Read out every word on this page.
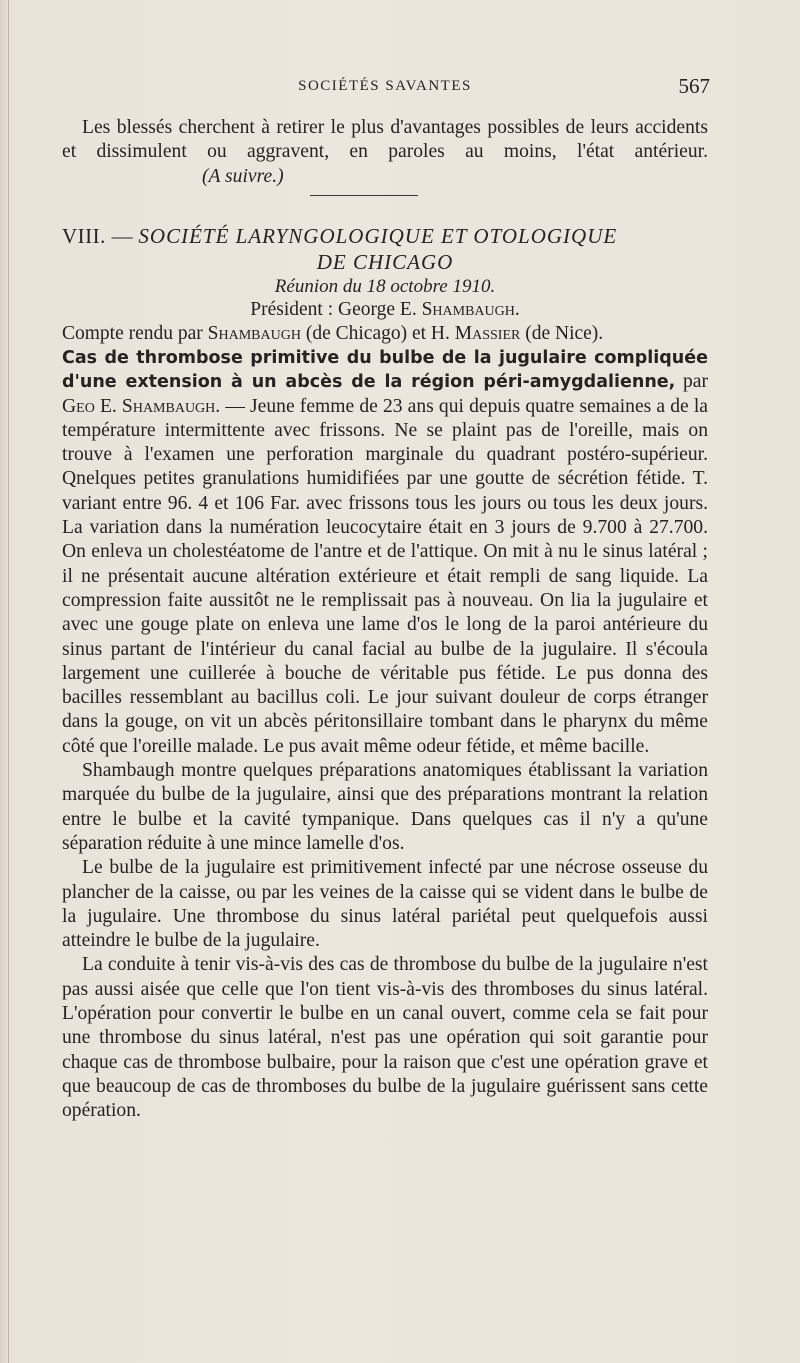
SOCIÉTÉS SAVANTES	567

Les blessés cherchent à retirer le plus d'avantages possibles de leurs accidents et dissimulent ou aggravent, en paroles au moins, l'état antérieur.(A suivre.)

VIII. — SOCIÉTÉ LARYNGOLOGIQUE ET OTOLOGIQUE
DE CHICAGO
Réunion du 18 octobre 1910.
Président : George E. Shambaugh.
Compte rendu par Shambaugh (de Chicago) et H. Massier (de Nice).

Cas de thrombose primitive du bulbe de la jugulaire compliquée d'une extension à un abcès de la région péri-amygdalienne, par Geo E. Shambaugh. — Jeune femme de 23 ans qui depuis quatre semaines a de la température intermittente avec frissons. Ne se plaint pas de l'oreille, mais on trouve à l'examen une perforation marginale du quadrant postéro-supérieur. Qnelques petites granulations humidifiées par une goutte de sécrétion fétide. T. variant entre 96. 4 et 106 Far. avec frissons tous les jours ou tous les deux jours. La variation dans la numération leucocytaire était en 3 jours de 9.700 à 27.700. On enleva un cholestéatome de l'antre et de l'attique. On mit à nu le sinus latéral ; il ne présentait aucune altération extérieure et était rempli de sang liquide. La compression faite aussitôt ne le remplissait pas à nouveau. On lia la jugulaire et avec une gouge plate on enleva une lame d'os le long de la paroi antérieure du sinus partant de l'intérieur du canal facial au bulbe de la jugulaire. Il s'écoula largement une cuillerée à bouche de véritable pus fétide. Le pus donna des bacilles ressemblant au bacillus coli. Le jour suivant douleur de corps étranger dans la gouge, on vit un abcès péritonsillaire tombant dans le pharynx du même côté que l'oreille malade. Le pus avait même odeur fétide, et même bacille.

Shambaugh montre quelques préparations anatomiques établissant la variation marquée du bulbe de la jugulaire, ainsi que des préparations montrant la relation entre le bulbe et la cavité tympanique. Dans quelques cas il n'y a qu'une séparation réduite à une mince lamelle d'os.

Le bulbe de la jugulaire est primitivement infecté par une nécrose osseuse du plancher de la caisse, ou par les veines de la caisse qui se vident dans le bulbe de la jugulaire. Une thrombose du sinus latéral pariétal peut quelquefois aussi atteindre le bulbe de la jugulaire.

La conduite à tenir vis-à-vis des cas de thrombose du bulbe de la jugulaire n'est pas aussi aisée que celle que l'on tient vis-à-vis des thromboses du sinus latéral. L'opération pour convertir le bulbe en un canal ouvert, comme cela se fait pour une thrombose du sinus latéral, n'est pas une opération qui soit garantie pour chaque cas de thrombose bulbaire, pour la raison que c'est une opération grave et que beaucoup de cas de thromboses du bulbe de la jugulaire guérissent sans cette opération.
